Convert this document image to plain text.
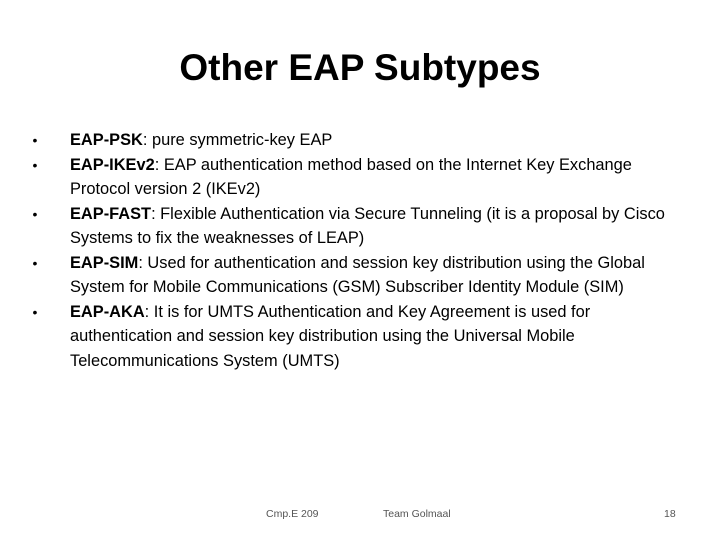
Other EAP Subtypes
• EAP-PSK: pure symmetric-key EAP
• EAP-IKEv2: EAP authentication method based on the Internet Key Exchange Protocol version 2 (IKEv2)
• EAP-FAST: Flexible Authentication via Secure Tunneling (it is a proposal by Cisco Systems to fix the weaknesses of LEAP)
• EAP-SIM: Used for authentication and session key distribution using the Global System for Mobile Communications (GSM) Subscriber Identity Module (SIM)
• EAP-AKA: It is for UMTS Authentication and Key Agreement is used for authentication and session key distribution using the Universal Mobile Telecommunications System (UMTS)
Cmp.E 209	Team Golmaal	18
